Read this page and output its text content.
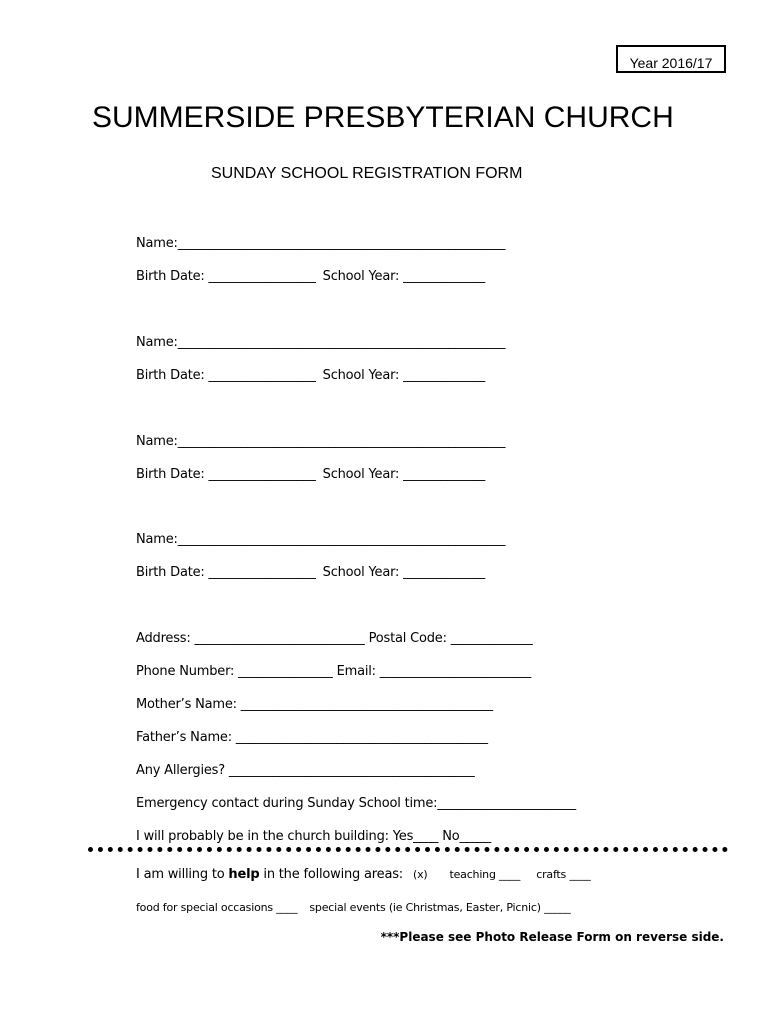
Year 2016/17
SUMMERSIDE PRESBYTERIAN CHURCH
SUNDAY SCHOOL REGISTRATION FORM
Name:____________________________________________________
Birth Date: _________________ School Year: _____________
Name:____________________________________________________
Birth Date: _________________ School Year: _____________
Name:____________________________________________________
Birth Date: _________________ School Year: _____________
Name:____________________________________________________
Birth Date: _________________ School Year: _____________
Address: ___________________________ Postal Code: _____________
Phone Number: _______________ Email: ________________________
Mother’s Name: ________________________________________
Father’s Name: ________________________________________
Any Allergies? _______________________________________
Emergency contact during Sunday School time:______________________
I will probably be in the church building: Yes____ No_____
I am willing to help in the following areas: (x) teaching ____ crafts ____
food for special occasions ____ special events (ie Christmas, Easter, Picnic) _____
***Please see Photo Release Form on reverse side.
